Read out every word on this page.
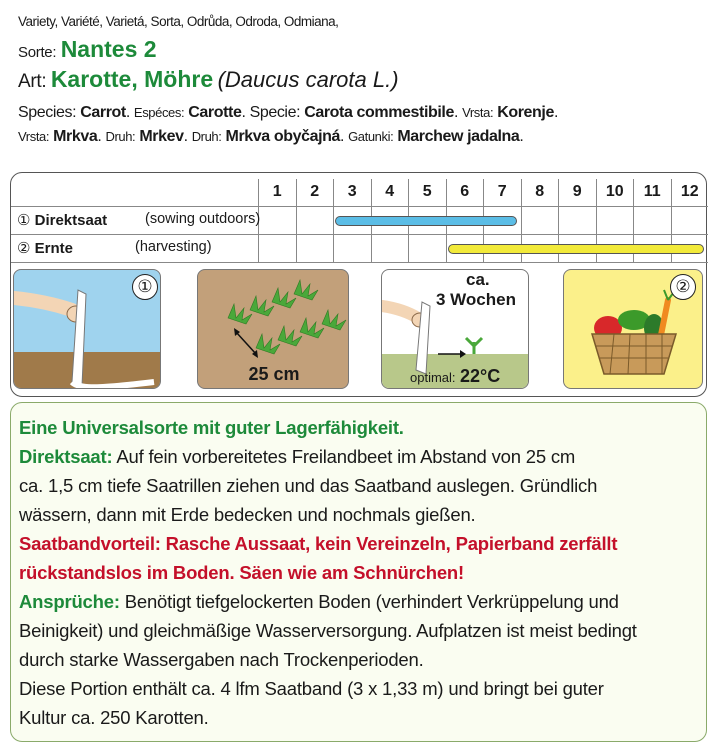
Variety, Variété, Varietá, Sorta, Odrůda, Odroda, Odmiana,
Sorte: Nantes 2
Art: Karotte, Möhre (Daucus carota L.)
Species: Carrot. Espéces: Carotte. Specie: Carota commestibile. Vrsta: Korenje.
Vrsta: Mrkva. Druh: Mrkev. Druh: Mrkva obyčajná. Gatunki: Marchew jadalna.
1	2	3	4	5	6	7	8	9	10	11	12
① Direktsaat	(sowing outdoors)
② Ernte	(harvesting)
①
25 cm
ca.
3 Wochen
optimal: 22°C
②
Eine Universalsorte mit guter Lagerfähigkeit.
Direktsaat: Auf fein vorbereitetes Freilandbeet im Abstand von 25 cm
ca. 1,5 cm tiefe Saatrillen ziehen und das Saatband auslegen. Gründlich
wässern, dann mit Erde bedecken und nochmals gießen.
Saatbandvorteil: Rasche Aussaat, kein Vereinzeln, Papierband zerfällt
rückstandslos im Boden. Säen wie am Schnürchen!
Ansprüche: Benötigt tiefgelockerten Boden (verhindert Verkrüppelung und
Beinigkeit) und gleichmäßige Wasserversorgung. Aufplatzen ist meist bedingt
durch starke Wassergaben nach Trockenperioden.
Diese Portion enthält ca. 4 lfm Saatband (3 x 1,33 m) und bringt bei guter
Kultur ca. 250 Karotten.
